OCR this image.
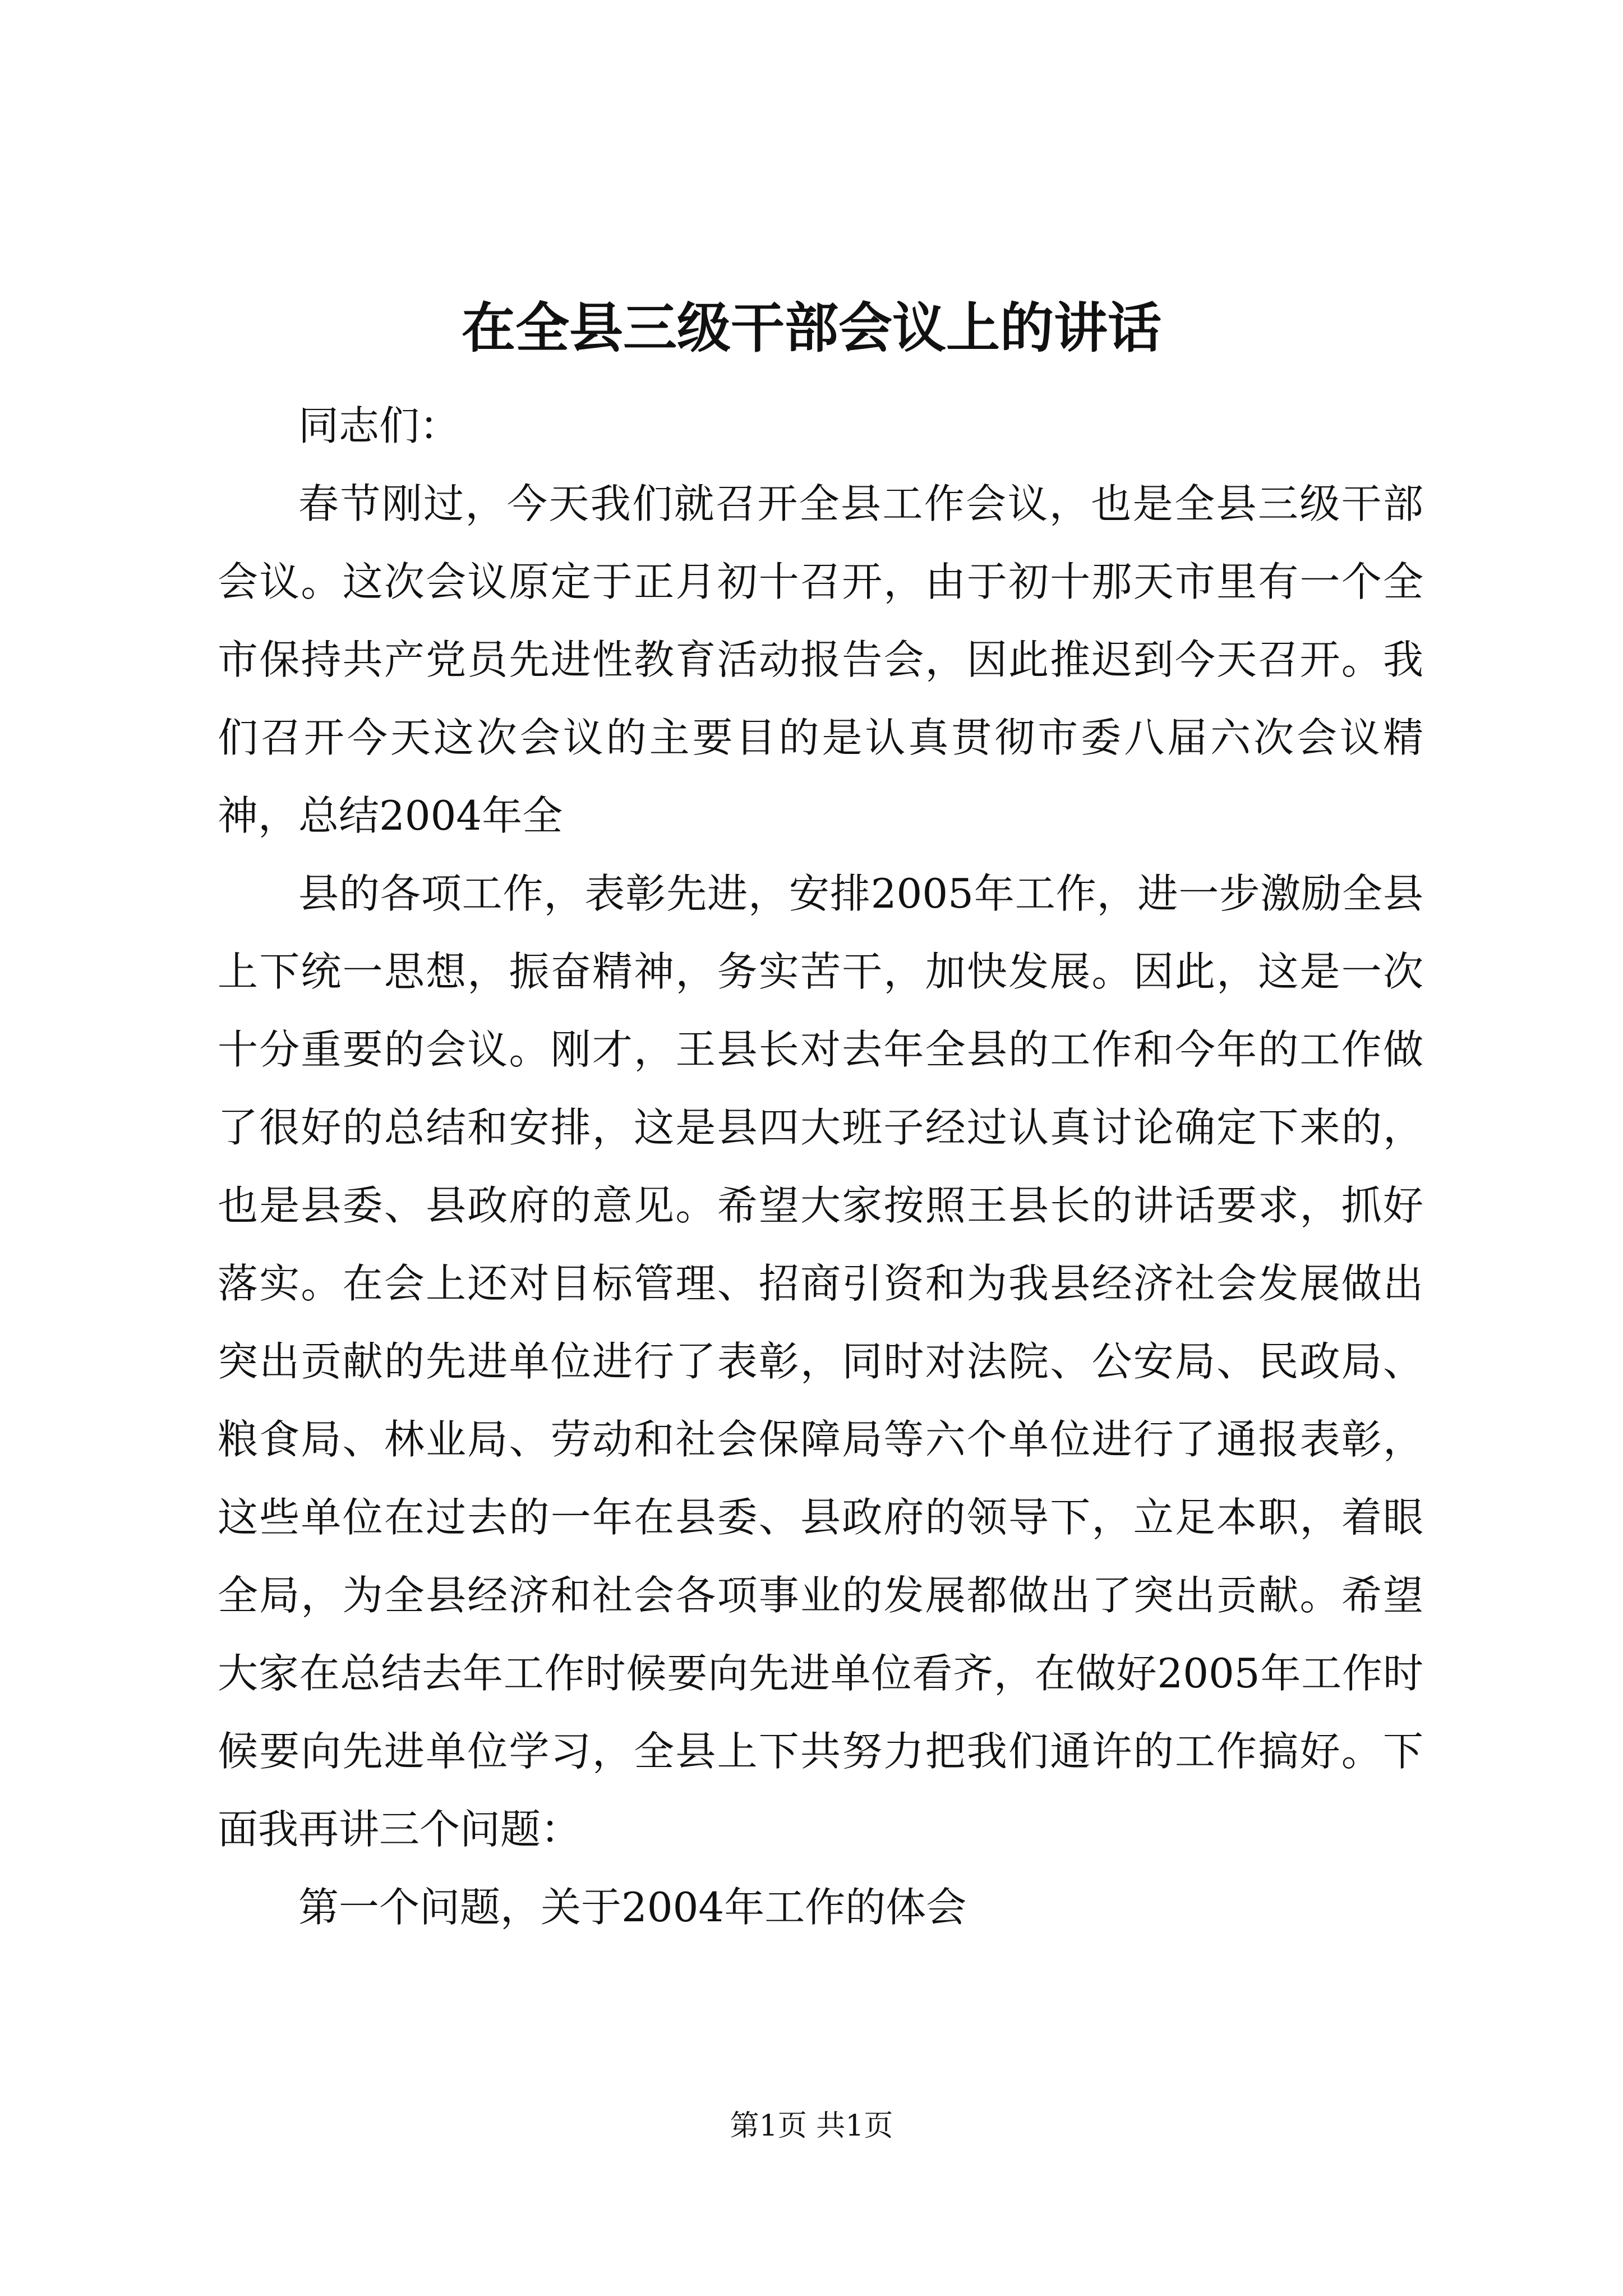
在全县三级干部会议上的讲话

同志们：

春节刚过，今天我们就召开全县工作会议，也是全县三级干部会议。这次会议原定于正月初十召开，由于初十那天市里有一个全市保持共产党员先进性教育活动报告会，因此推迟到今天召开。我们召开今天这次会议的主要目的是认真贯彻市委八届六次会议精神，总结2004年全

县的各项工作，表彰先进，安排2005年工作，进一步激励全县上下统一思想，振奋精神，务实苦干，加快发展。因此，这是一次十分重要的会议。刚才，王县长对去年全县的工作和今年的工作做了很好的总结和安排，这是县四大班子经过认真讨论确定下来的，也是县委、县政府的意见。希望大家按照王县长的讲话要求，抓好落实。在会上还对目标管理、招商引资和为我县经济社会发展做出突出贡献的先进单位进行了表彰，同时对法院、公安局、民政局、粮食局、林业局、劳动和社会保障局等六个单位进行了通报表彰，这些单位在过去的一年在县委、县政府的领导下，立足本职，着眼全局，为全县经济和社会各项事业的发展都做出了突出贡献。希望大家在总结去年工作时候要向先进单位看齐，在做好2005年工作时候要向先进单位学习，全县上下共努力把我们通许的工作搞好。下面我再讲三个问题：

第一个问题，关于2004年工作的体会

第1页 共1页
